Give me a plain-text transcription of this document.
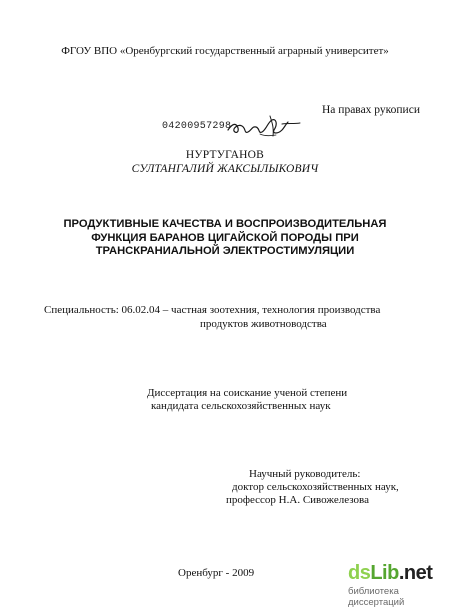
ФГОУ ВПО «Оренбургский государственный аграрный университет»
На правах рукописи
04200957298
НУРТУГАНОВ
СУЛТАНГАЛИЙ ЖАКСЫЛЫКОВИЧ
ПРОДУКТИВНЫЕ КАЧЕСТВА И ВОСПРОИЗВОДИТЕЛЬНАЯ
ФУНКЦИЯ БАРАНОВ ЦИГАЙСКОЙ ПОРОДЫ ПРИ
ТРАНСКРАНИАЛЬНОЙ ЭЛЕКТРОСТИМУЛЯЦИИ
Специальность: 06.02.04 – частная зоотехния, технология производства
продуктов животноводства
Диссертация на соискание ученой степени
кандидата сельскохозяйственных наук
Научный руководитель:
доктор сельскохозяйственных наук,
профессор Н.А. Сивожелезова
Оренбург - 2009	dsLib.net
библиотека диссертаций
